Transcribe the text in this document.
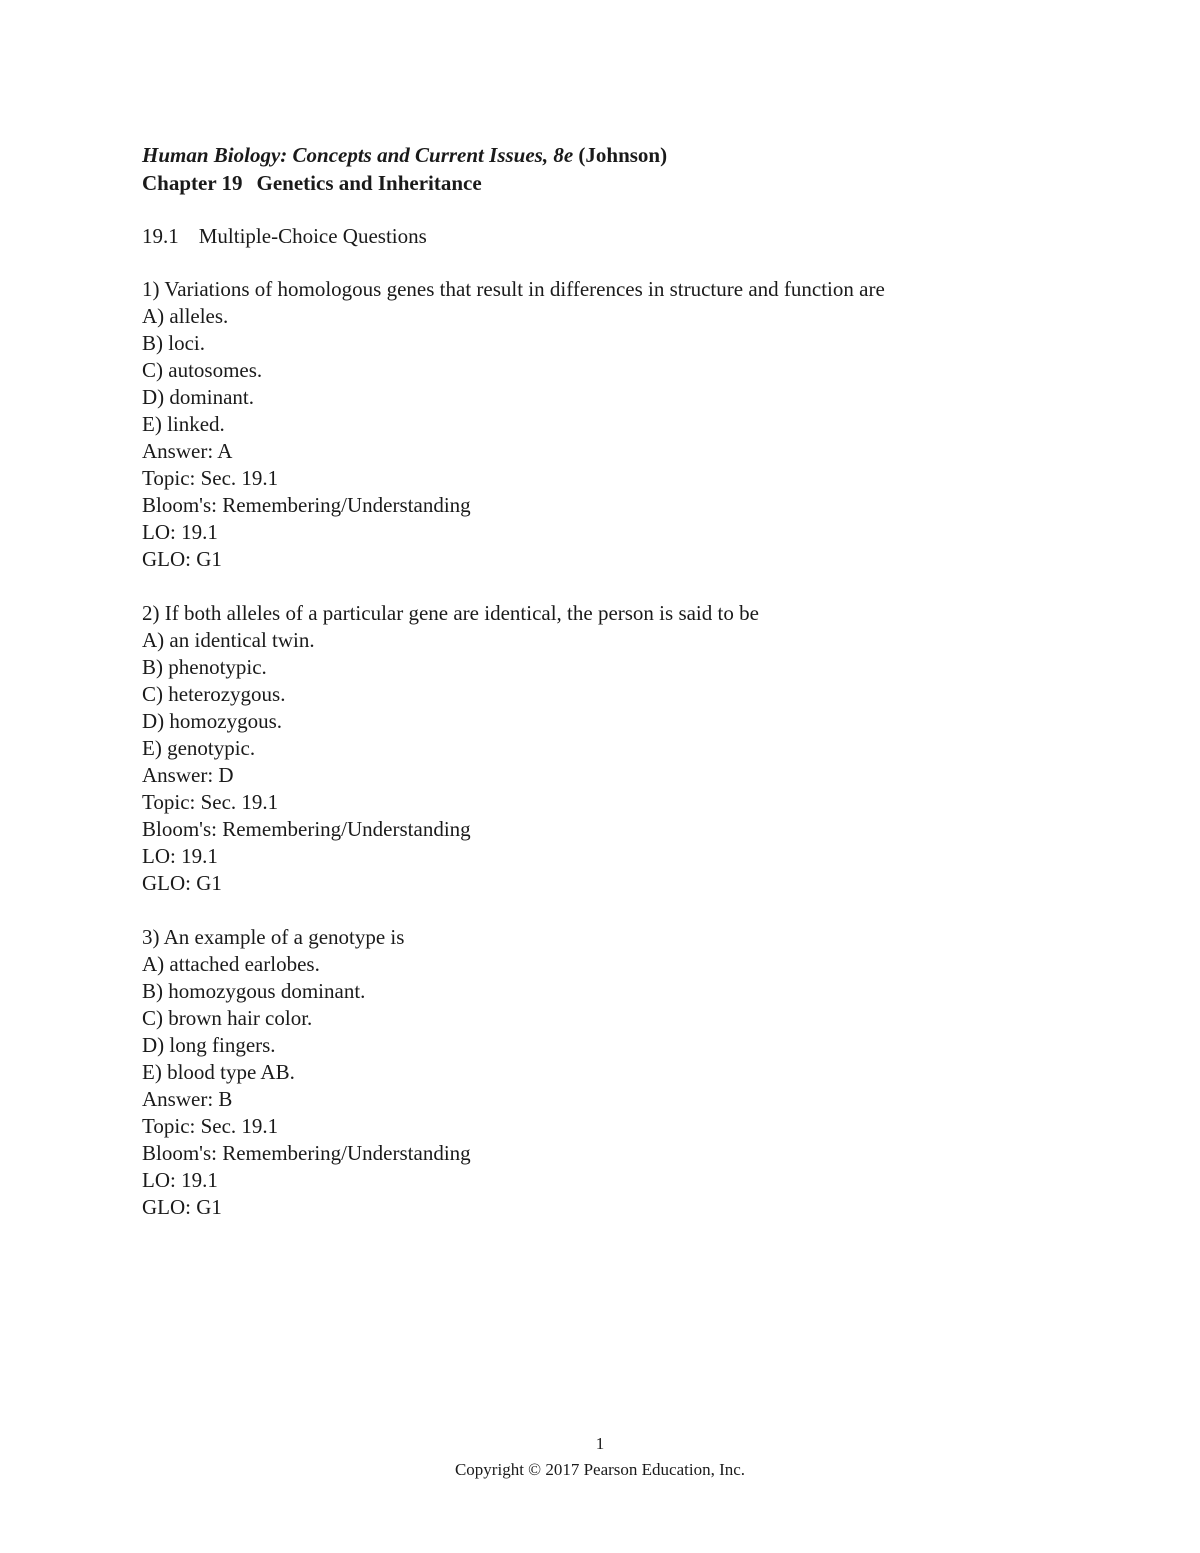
Human Biology: Concepts and Current Issues, 8e (Johnson)
Chapter 19 Genetics and Inheritance
19.1 Multiple-Choice Questions
1) Variations of homologous genes that result in differences in structure and function are
A) alleles.
B) loci.
C) autosomes.
D) dominant.
E) linked.
Answer: A
Topic: Sec. 19.1
Bloom's: Remembering/Understanding
LO: 19.1
GLO: G1
2) If both alleles of a particular gene are identical, the person is said to be
A) an identical twin.
B) phenotypic.
C) heterozygous.
D) homozygous.
E) genotypic.
Answer: D
Topic: Sec. 19.1
Bloom's: Remembering/Understanding
LO: 19.1
GLO: G1
3) An example of a genotype is
A) attached earlobes.
B) homozygous dominant.
C) brown hair color.
D) long fingers.
E) blood type AB.
Answer: B
Topic: Sec. 19.1
Bloom's: Remembering/Understanding
LO: 19.1
GLO: G1
1
Copyright © 2017 Pearson Education, Inc.
